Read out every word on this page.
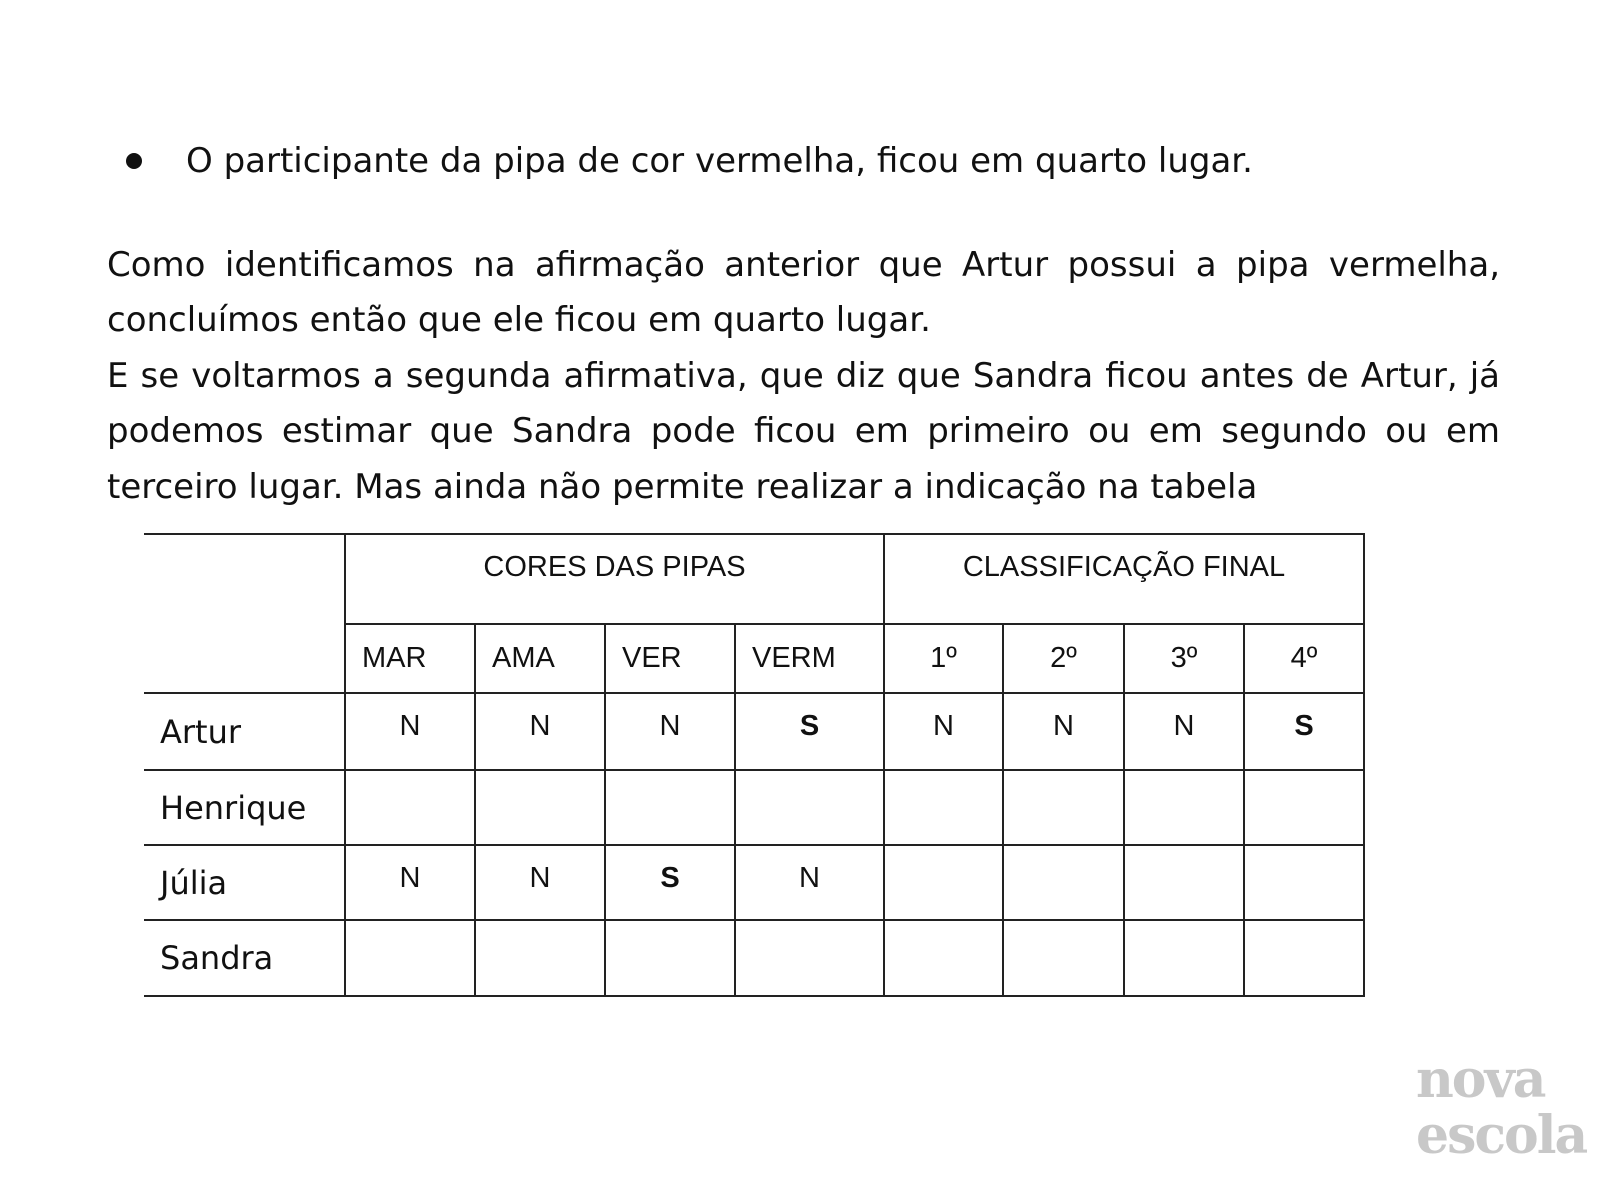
O participante da pipa de cor vermelha, ficou em quarto lugar.

Como identificamos na afirmação anterior que Artur possui a pipa vermelha, concluímos então que ele ficou em quarto lugar.

E se voltarmos a segunda afirmativa, que diz que Sandra ficou antes de Artur, já podemos estimar que Sandra pode ficou em primeiro ou em segundo ou em terceiro lugar. Mas ainda não permite realizar a indicação na tabela

	CORES DAS PIPAS				CLASSIFICAÇÃO FINAL			
	MAR	AMA	VER	VERM	1º	2º	3º	4º
Artur	N	N	N	S	N	N	N	S
Henrique								
Júlia	N	N	S	N				
Sandra								
nova
escola
